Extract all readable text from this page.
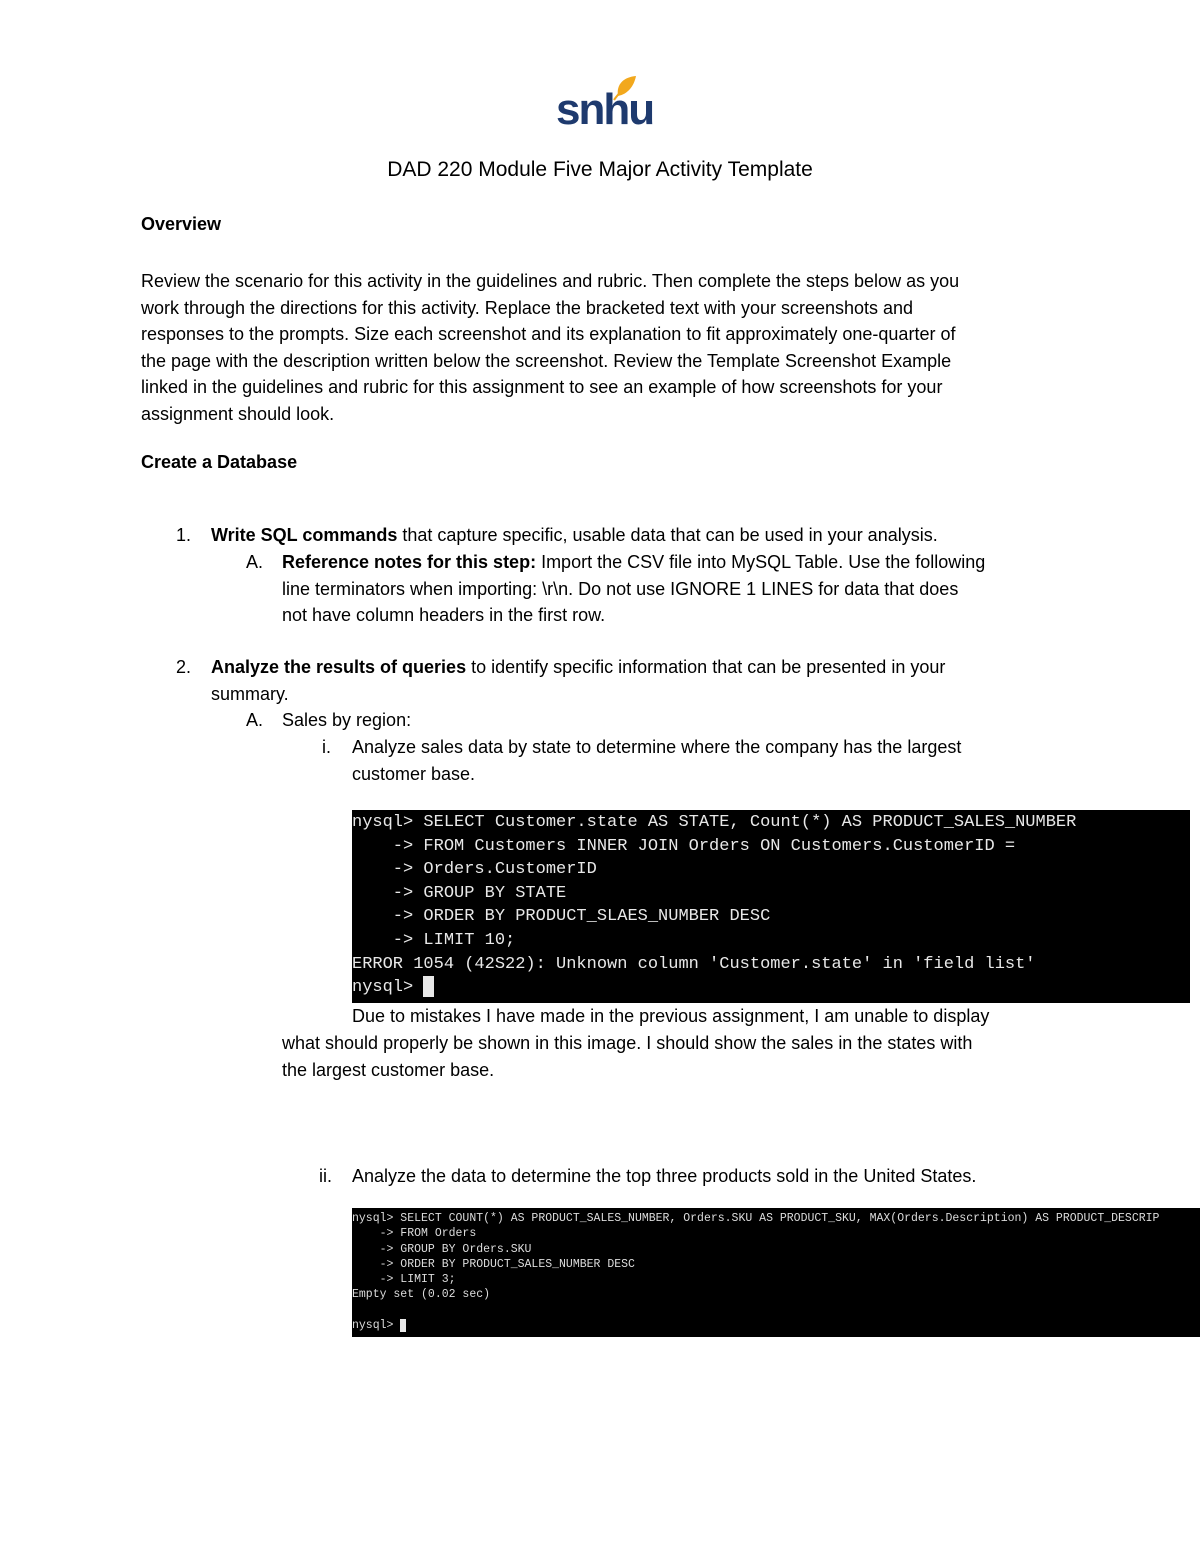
snhu
DAD 220 Module Five Major Activity Template
Overview
Review the scenario for this activity in the guidelines and rubric. Then complete the steps below as you
work through the directions for this activity. Replace the bracketed text with your screenshots and
responses to the prompts. Size each screenshot and its explanation to fit approximately one-quarter of
the page with the description written below the screenshot. Review the Template Screenshot Example
linked in the guidelines and rubric for this assignment to see an example of how screenshots for your
assignment should look.
Create a Database
1. Write SQL commands that capture specific, usable data that can be used in your analysis.
A. Reference notes for this step: Import the CSV file into MySQL Table. Use the following
line terminators when importing: \r\n. Do not use IGNORE 1 LINES for data that does
not have column headers in the first row.
2. Analyze the results of queries to identify specific information that can be presented in your
summary.
A. Sales by region:
i. Analyze sales data by state to determine where the company has the largest
customer base.
nysql> SELECT Customer.state AS STATE, Count(*) AS PRODUCT_SALES_NUMBER
-> FROM Customers INNER JOIN Orders ON Customers.CustomerID =
-> Orders.CustomerID
-> GROUP BY STATE
-> ORDER BY PRODUCT_SLAES_NUMBER DESC
-> LIMIT 10;
ERROR 1054 (42S22): Unknown column 'Customer.state' in 'field list'
nysql>
Due to mistakes I have made in the previous assignment, I am unable to display
what should properly be shown in this image. I should show the sales in the states with
the largest customer base.
ii. Analyze the data to determine the top three products sold in the United States.
nysql> SELECT COUNT(*) AS PRODUCT_SALES_NUMBER, Orders.SKU AS PRODUCT_SKU, MAX(Orders.Description) AS PRODUCT_DESCRIP
-> FROM Orders
-> GROUP BY Orders.SKU
-> ORDER BY PRODUCT_SALES_NUMBER DESC
-> LIMIT 3;
Empty set (0.02 sec)

nysql>
